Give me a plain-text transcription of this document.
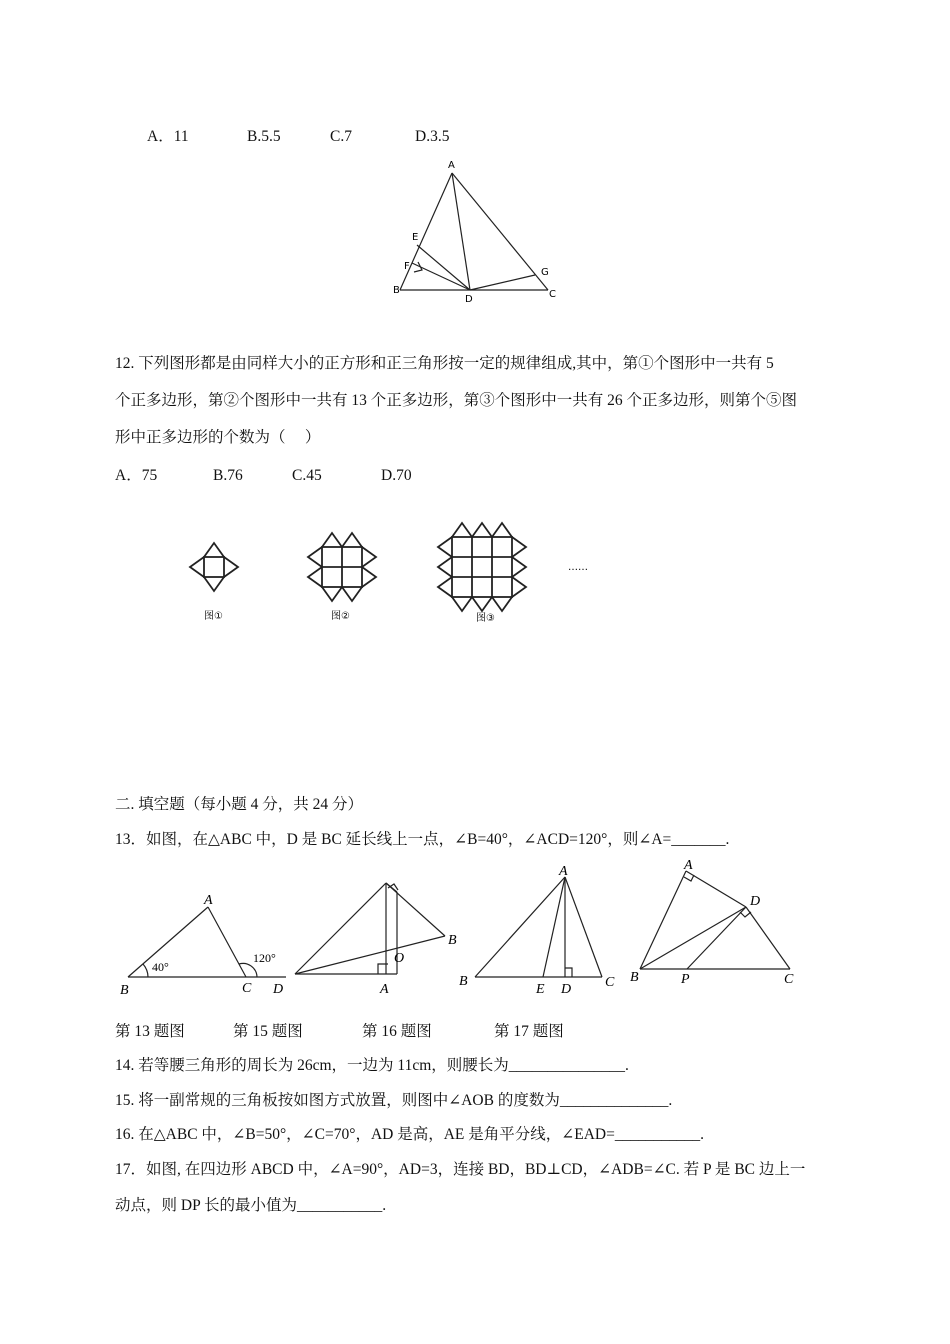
A．11	B.5.5	C.7	D.3.5
A
E
F
G
B
D	C
12. 下列图形都是由同样大小的正方形和正三角形按一定的规律组成,其中，第①个图形中一共有 5
个正多边形，第②个图形中一共有 13 个正多边形，第③个图形中一共有 26 个正多边形，则第个⑤图
形中正多边形的个数为（　 ）
A．75	B.76	C.45	D.70
图①	图②	图③
……
二. 填空题（每小题 4 分，共 24 分）
13．如图，在△ABC 中，D 是 BC 延长线上一点，∠B=40°，∠ACD=120°，则∠A=_______.
A
B	C D
40°
120°	O
A
B
A
B
E D C
A
D
B	P	C
第 13 题图	第 15 题图	第 16 题图	第 17 题图
14. 若等腰三角形的周长为 26cm，一边为 11cm，则腰长为_______________.
15. 将一副常规的三角板按如图方式放置，则图中∠AOB 的度数为______________.
16. 在△ABC 中，∠B=50°，∠C=70°，AD 是高，AE 是角平分线，∠EAD=___________.
17．如图, 在四边形 ABCD 中，∠A=90°，AD=3，连接 BD，BD⊥CD，∠ADB=∠C. 若 P 是 BC 边上一
动点，则 DP 长的最小值为___________.
